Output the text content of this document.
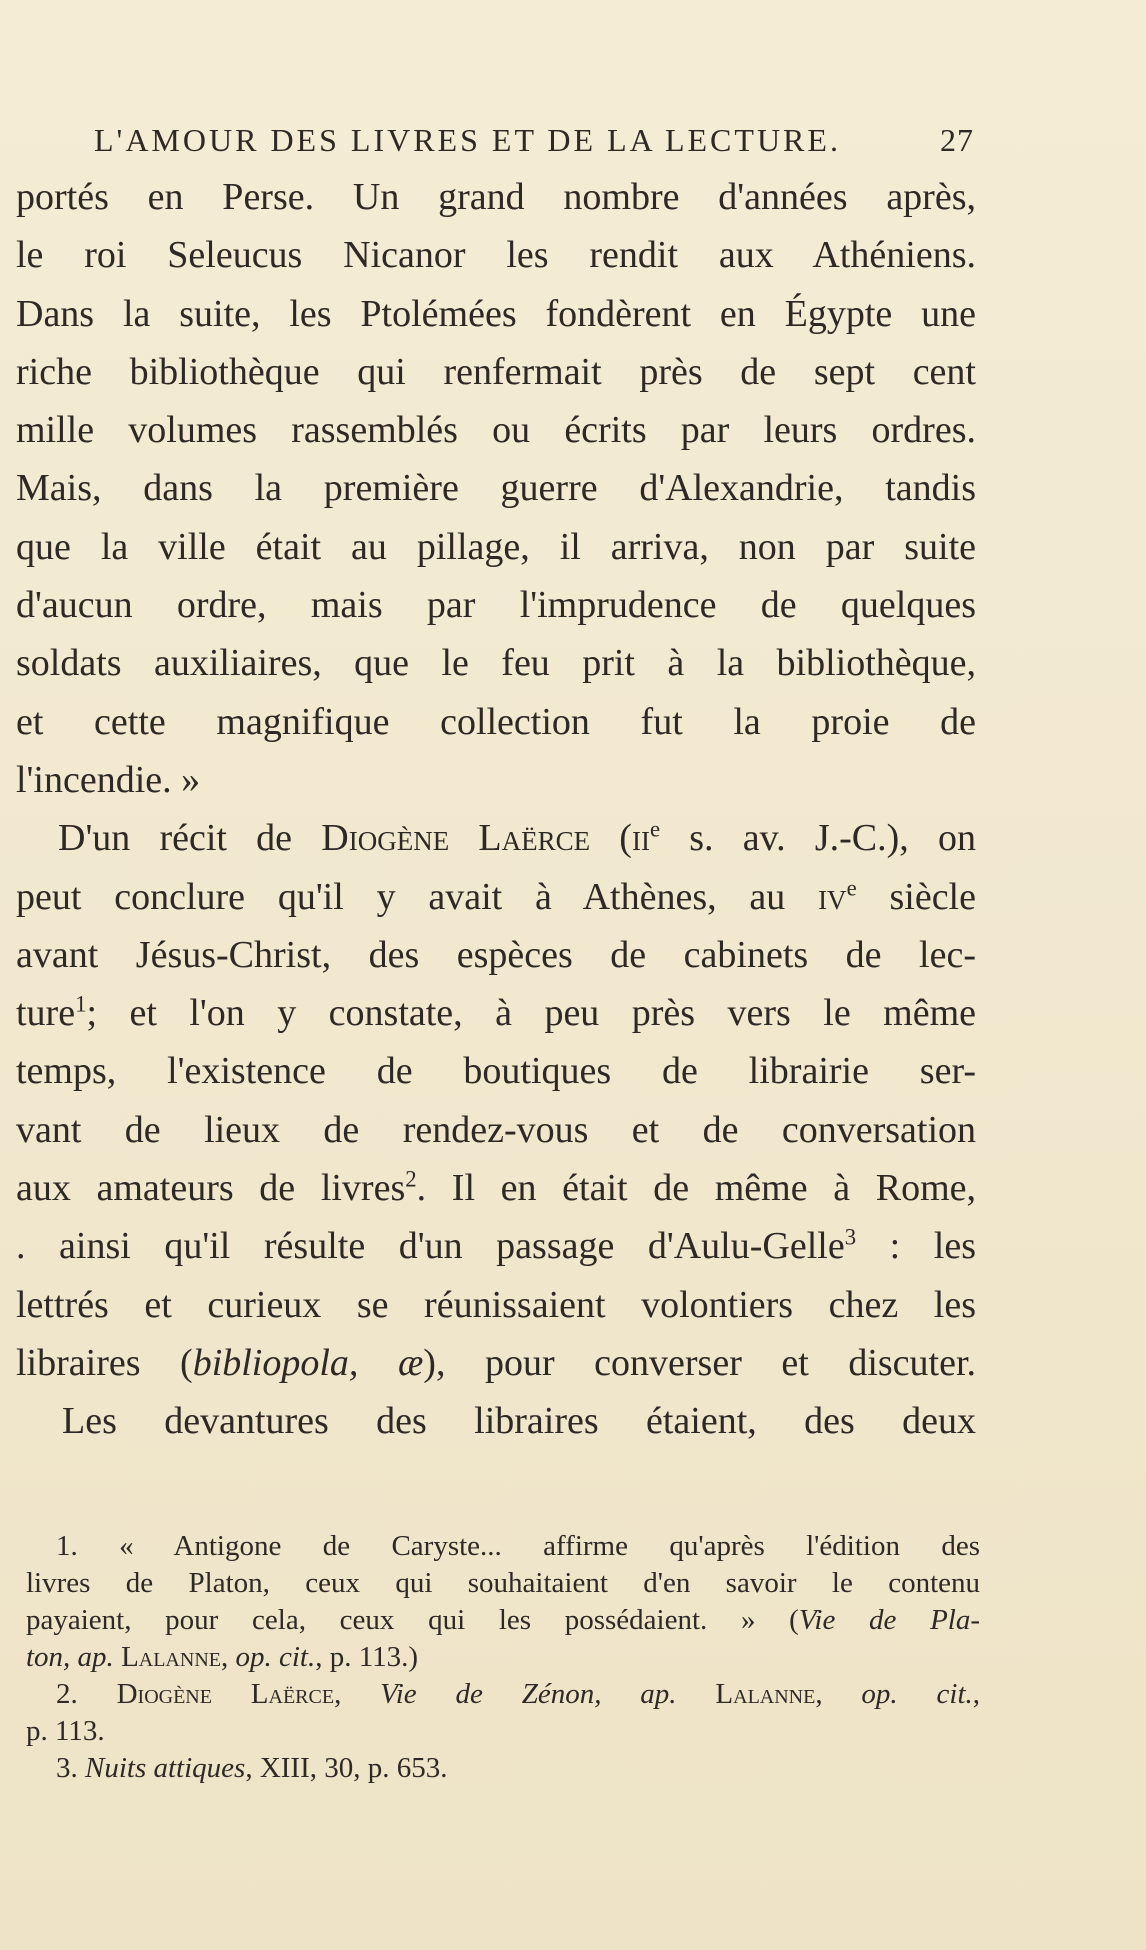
L'AMOUR DES LIVRES ET DE LA LECTURE.	27
portés en Perse. Un grand nombre d'années après,
le roi Seleucus Nicanor les rendit aux Athéniens.
Dans la suite, les Ptolémées fondèrent en Égypte une
riche bibliothèque qui renfermait près de sept cent
mille volumes rassemblés ou écrits par leurs ordres.
Mais, dans la première guerre d'Alexandrie, tandis
que la ville était au pillage, il arriva, non par suite
d'aucun ordre, mais par l'imprudence de quelques
soldats auxiliaires, que le feu prit à la bibliothèque,
et cette magnifique collection fut la proie de
l'incendie. »
D'un récit de Diogène Laërce ($ii^e$ s. av. J.-C.), on
peut conclure qu'il y avait à Athènes, au $iv^e$ siècle
avant Jésus-Christ, des espèces de cabinets de lec-
ture$^1$; et l'on y constate, à peu près vers le même
temps, l'existence de boutiques de librairie ser-
vant de lieux de rendez-vous et de conversation
aux amateurs de livres$^2$. Il en était de même à Rome,
. ainsi qu'il résulte d'un passage d'Aulu-Gelle$^3$ : les
lettrés et curieux se réunissaient volontiers chez les
libraires (bibliopola, æ), pour converser et discuter.
Les devantures des libraires étaient, des deux
1. « Antigone de Caryste... affirme qu'après l'édition des
livres de Platon, ceux qui souhaitaient d'en savoir le contenu
payaient, pour cela, ceux qui les possédaient. » (Vie de Pla-
ton, ap. Lalanne, op. cit., p. 113.)
2. Diogène Laërce, Vie de Zénon, ap. Lalanne, op. cit.,
p. 113.
3. Nuits attiques, XIII, 30, p. 653.
